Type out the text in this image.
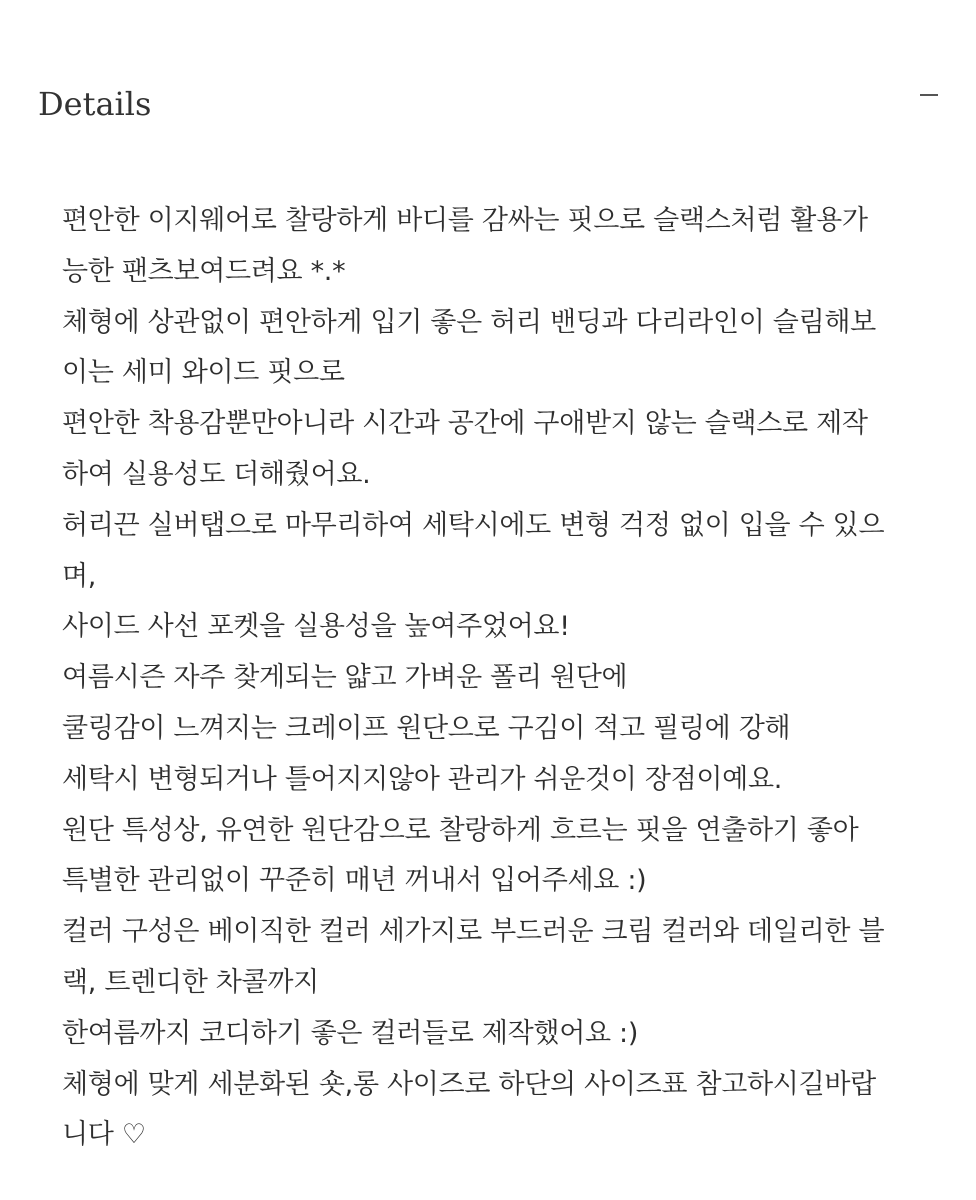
Details
편안한 이지웨어로 찰랑하게 바디를 감싸는 핏으로 슬랙스처럼 활용가
능한 팬츠보여드려요 *.*
체형에 상관없이 편안하게 입기 좋은 허리 밴딩과 다리라인이 슬림해보
이는 세미 와이드 핏으로
편안한 착용감뿐만아니라 시간과 공간에 구애받지 않는 슬랙스로 제작
하여 실용성도 더해줬어요.
허리끈 실버탭으로 마무리하여 세탁시에도 변형 걱정 없이 입을 수 있으
며,
사이드 사선 포켓을 실용성을 높여주었어요!
여름시즌 자주 찾게되는 얇고 가벼운 폴리 원단에
쿨링감이 느껴지는 크레이프 원단으로 구김이 적고 필링에 강해
세탁시 변형되거나 틀어지지않아 관리가 쉬운것이 장점이예요.
원단 특성상, 유연한 원단감으로 찰랑하게 흐르는 핏을 연출하기 좋아
특별한 관리없이 꾸준히 매년 꺼내서 입어주세요 :)
컬러 구성은 베이직한 컬러 세가지로 부드러운 크림 컬러와 데일리한 블
랙, 트렌디한 차콜까지
한여름까지 코디하기 좋은 컬러들로 제작했어요 :)
체형에 맞게 세분화된 숏,롱 사이즈로 하단의 사이즈표 참고하시길바랍
니다 ♡
